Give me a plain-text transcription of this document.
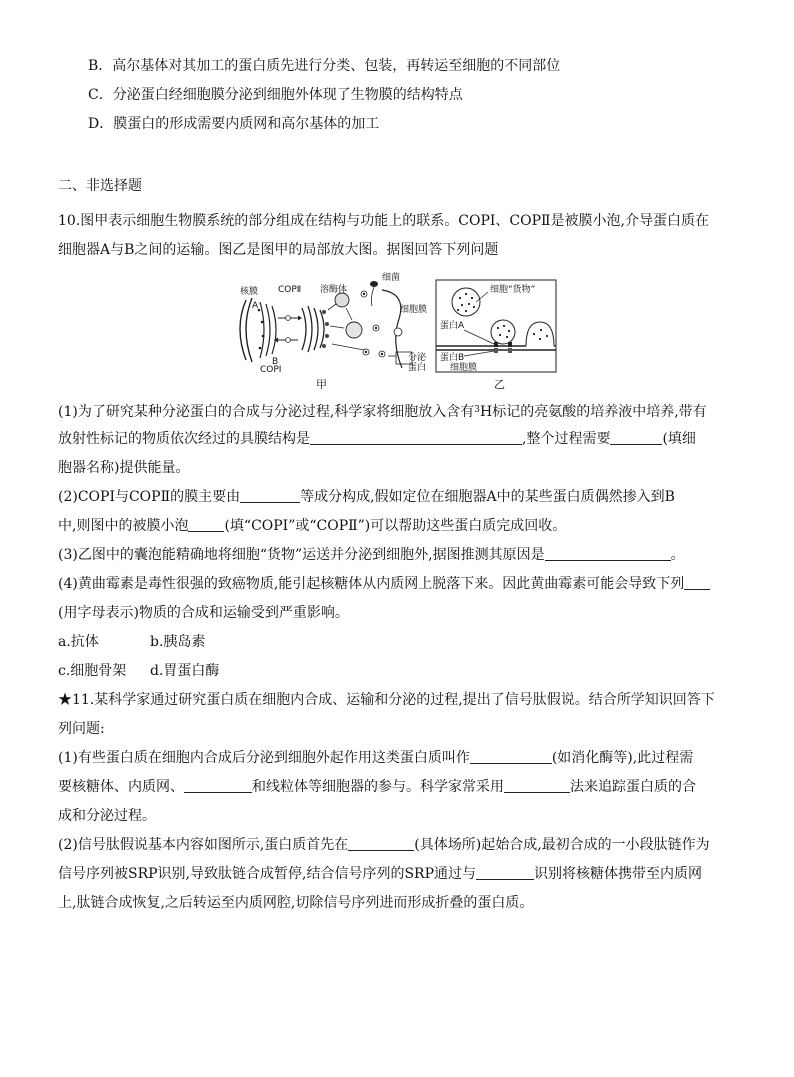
B．高尔基体对其加工的蛋白质先进行分类、包装，再转运至细胞的不同部位
C．分泌蛋白经细胞膜分泌到细胞外体现了生物膜的结构特点
D．膜蛋白的形成需要内质网和高尔基体的加工
二、非选择题
10.图甲表示细胞生物膜系统的部分组成在结构与功能上的联系。COPⅠ、COPⅡ是被膜小泡,介导蛋白质在
细胞器A与B之间的运输。图乙是图甲的局部放大图。据图回答下列问题
核膜
A
B
COPⅡ
COPⅠ
溶酶体
细菌
细胞膜
分泌
蛋白
甲
细胞“货物”
蛋白A
蛋白B
细胞膜
乙
(1)为了研究某种分泌蛋白的合成与分泌过程,科学家将细胞放入含有$^3$H标记的亮氨酸的培养液中培养,带有
放射性标记的物质依次经过的具膜结构是	,整个过程需要	(填细
胞器名称)提供能量。
(2)COPⅠ与COPⅡ的膜主要由	等成分构成,假如定位在细胞器A中的某些蛋白质偶然掺入到B
中,则图中的被膜小泡	(填“COPⅠ”或“COPⅡ”)可以帮助这些蛋白质完成回收。
(3)乙图中的囊泡能精确地将细胞“货物”运送并分泌到细胞外,据图推测其原因是	。
(4)黄曲霉素是毒性很强的致癌物质,能引起核糖体从内质网上脱落下来。因此黄曲霉素可能会导致下列
(用字母表示)物质的合成和运输受到严重影响。
a.抗体	b.胰岛素
c.细胞骨架 d.胃蛋白酶
★11.某科学家通过研究蛋白质在细胞内合成、运输和分泌的过程,提出了信号肽假说。结合所学知识回答下
列问题:
(1)有些蛋白质在细胞内合成后分泌到细胞外起作用这类蛋白质叫作	(如消化酶等),此过程需
要核糖体、内质网、	和线粒体等细胞器的参与。科学家常采用	法来追踪蛋白质的合
成和分泌过程。
(2)信号肽假说基本内容如图所示,蛋白质首先在	(具体场所)起始合成,最初合成的一小段肽链作为
信号序列被SRP识别,导致肽链合成暂停,结合信号序列的SRP通过与	识别将核糖体携带至内质网
上,肽链合成恢复,之后转运至内质网腔,切除信号序列进而形成折叠的蛋白质。
